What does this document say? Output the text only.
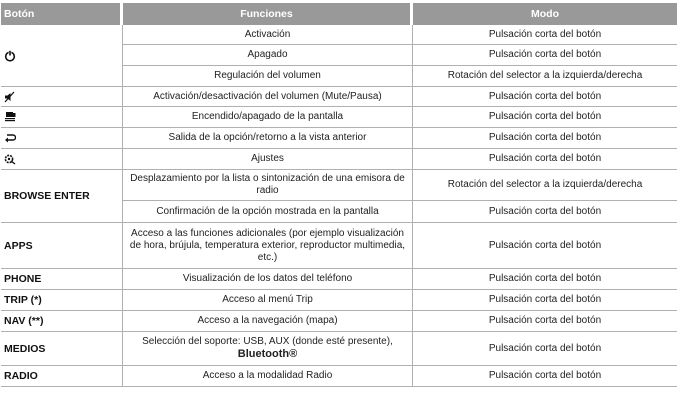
Botón	Funciones	Modo
	Activación	Pulsación corta del botón
	Apagado	Pulsación corta del botón
	Regulación del volumen	Rotación del selector a la izquierda/derecha
	Activación/desactivación del volumen (Mute/Pausa)	Pulsación corta del botón
	Encendido/apagado de la pantalla	Pulsación corta del botón
	Salida de la opción/retorno a la vista anterior	Pulsación corta del botón
	Ajustes	Pulsación corta del botón
BROWSE ENTER	Desplazamiento por la lista o sintonización de una emisora de radio	Rotación del selector a la izquierda/derecha
	Confirmación de la opción mostrada en la pantalla	Pulsación corta del botón
APPS	Acceso a las funciones adicionales (por ejemplo visualización de hora, brújula, temperatura exterior, reproductor multimedia, etc.)	Pulsación corta del botón
PHONE	Visualización de los datos del teléfono	Pulsación corta del botón
TRIP (*)	Acceso al menú Trip	Pulsación corta del botón
NAV (**)	Acceso a la navegación (mapa)	Pulsación corta del botón
MEDIOS	Selección del soporte: USB, AUX (donde esté presente), Bluetooth®	Pulsación corta del botón
RADIO	Acceso a la modalidad Radio	Pulsación corta del botón
